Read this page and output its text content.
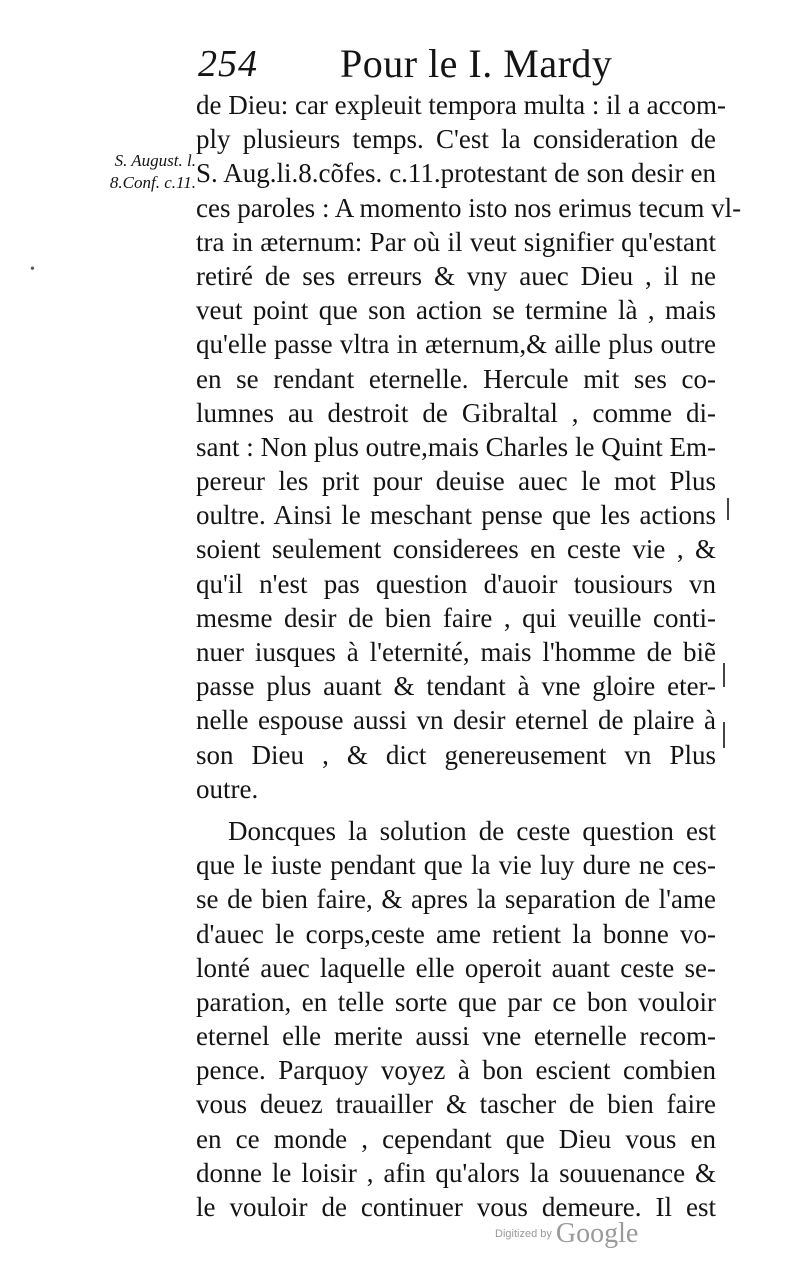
254 Pour le I. Mardy
S. August. l.
8.Conf. c.11.
•
de Dieu: car expleuit tempora multa : il a accom-
ply plusieurs temps. C'est la consideration de
S. Aug.li.8.cõfes. c.11.protestant de son desir en
ces paroles : A momento isto nos erimus tecum vl-
tra in æternum: Par où il veut signifier qu'estant
retiré de ses erreurs & vny auec Dieu , il ne
veut point que son action se termine là , mais
qu'elle passe vltra in æternum,& aille plus outre
en se rendant eternelle. Hercule mit ses co-
lumnes au destroit de Gibraltal , comme di-
sant : Non plus outre,mais Charles le Quint Em-
pereur les prit pour deuise auec le mot Plus
oultre. Ainsi le meschant pense que les actions
soient seulement considerees en ceste vie , &
qu'il n'est pas question d'auoir tousiours vn
mesme desir de bien faire , qui veuille conti-
nuer iusques à l'eternité, mais l'homme de biẽ
passe plus auant & tendant à vne gloire eter-
nelle espouse aussi vn desir eternel de plaire à
son Dieu , & dict genereusement vn Plus
outre.
Doncques la solution de ceste question est
que le iuste pendant que la vie luy dure ne ces-
se de bien faire, & apres la separation de l'ame
d'auec le corps,ceste ame retient la bonne vo-
lonté auec laquelle elle operoit auant ceste se-
paration, en telle sorte que par ce bon vouloir
eternel elle merite aussi vne eternelle recom-
pence. Parquoy voyez à bon escient combien
vous deuez trauailler & tascher de bien faire
en ce monde , cependant que Dieu vous en
donne le loisir , afin qu'alors la souuenance &
le vouloir de continuer vous demeure. Il est
Digitized by Google
